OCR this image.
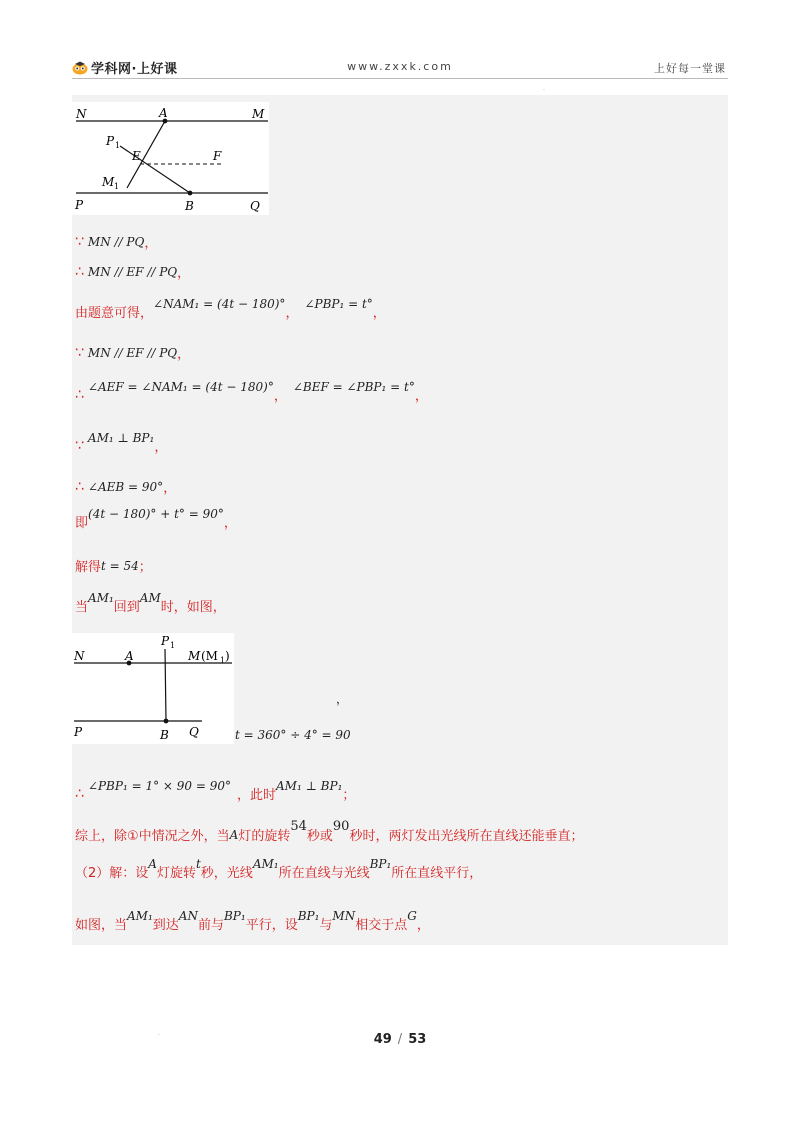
学科网·上好课	www.zxxk.com	上好每一堂课
.
N	A	M
P 1
E	F
M 1
P	B	Q
∵ MN // PQ ，
∴ MN // EF // PQ ，
由题意可得，
∠NAM₁ = (4t − 180)°
，
∠PBP₁ = t°
，
∵ MN // EF // PQ ，
∴ ∠AEF = ∠NAM₁ = (4t − 180)°
，
∠BEF = ∠PBP₁ = t°
，
∵ AM₁ ⊥ BP₁
，
∴ ∠AEB = 90° ，
即
(4t − 180)° + t° = 90°
，
解得 t = 54 ；
当
AM₁
回到
AM
时，如图，
P 1
N	A	M (M 1 )
P	B Q
，
t = 360° ÷ 4° = 90
∴ ∠PBP₁ = 1° × 90 = 90°
，此时
AM₁ ⊥ BP₁
；
综上，除①中情况之外，当 A 灯的旋转
54
秒或
90
秒时，两灯发出光线所在直线还能垂直；
（2）解：设
A
灯旋转
t
秒，光线
AM₁
所在直线与光线
BP₁
所在直线平行，
如图，当
AM₁
到达
AN
前与
BP₁
平行，设
BP₁
与
MN
相交于点
G
，
.	49 / 53
